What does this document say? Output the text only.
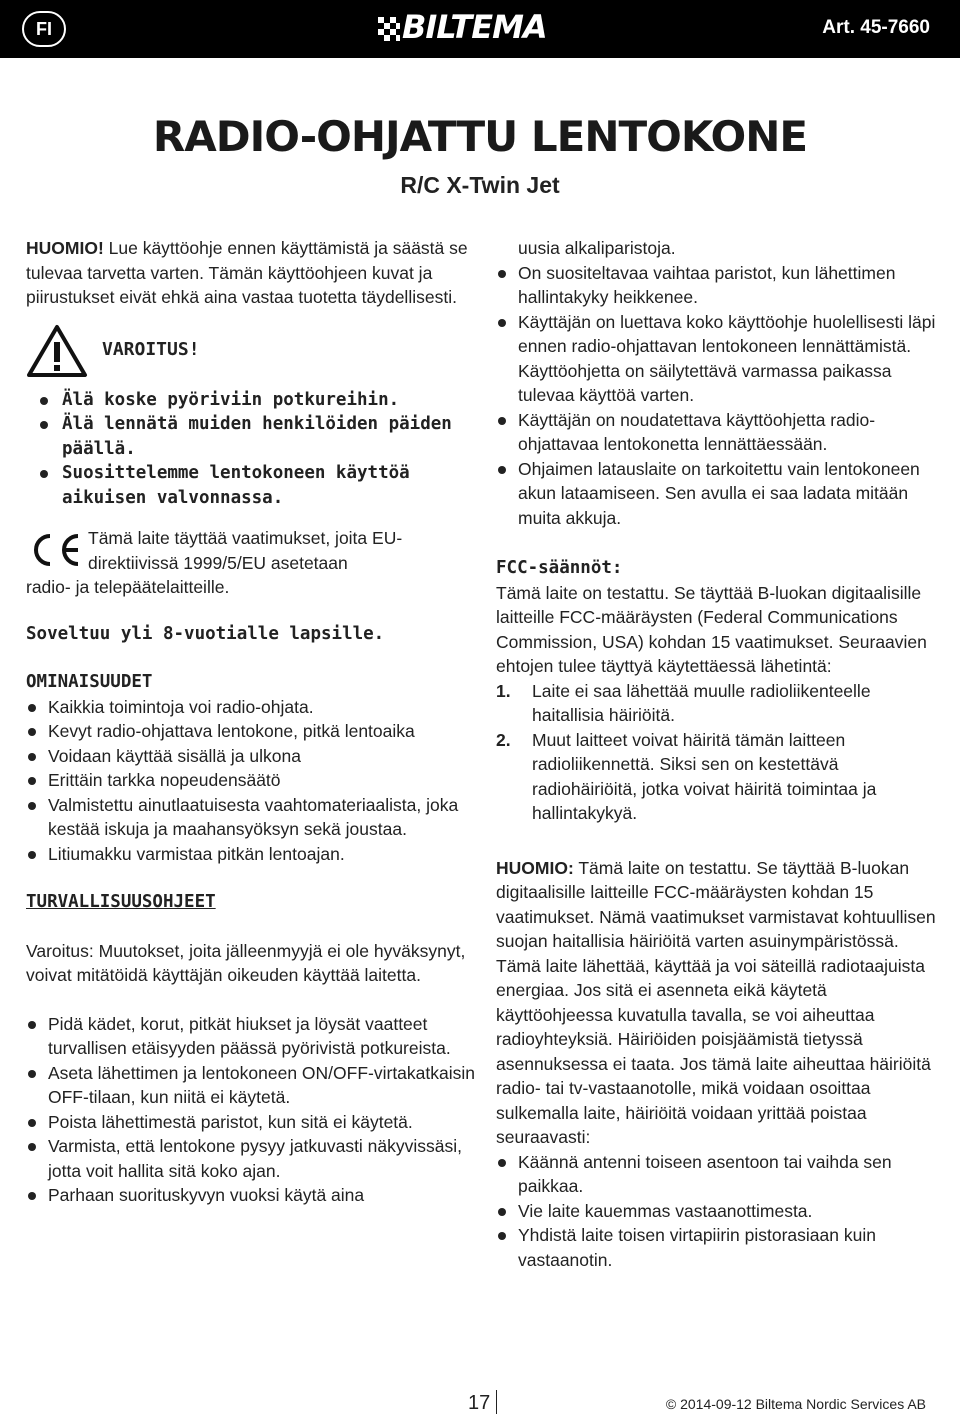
FI	BILTEMA	Art. 45-7660
RADIO-OHJATTU LENTOKONE
R/C X-Twin Jet

HUOMIO! Lue käyttöohje ennen käyttämistä ja säästä se tulevaa tarvetta varten. Tämän käyttöohjeen kuvat ja piirustukset eivät ehkä aina vastaa tuotetta täydellisesti.

VAROITUS!
Älä koske pyöriviin potkureihin.
Älä lennätä muiden henkilöiden päiden päällä.
Suosittelemme lentokoneen käyttöä aikuisen valvonnassa.

Tämä laite täyttää vaatimukset, joita EU-direktiivissä 1999/5/EU asetetaan

radio- ja telepäätelaitteille.

Soveltuu yli 8-vuotialle lapsille.

OMINAISUUDET

Kaikkia toimintoja voi radio-ohjata.
Kevyt radio-ohjattava lentokone, pitkä lentoaika
Voidaan käyttää sisällä ja ulkona
Erittäin tarkka nopeudensäätö
Valmistettu ainutlaatuisesta vaahtomateriaalista, joka kestää iskuja ja maahansyöksyn sekä joustaa.
Litiumakku varmistaa pitkän lentoajan.

TURVALLISUUSOHJEET

Varoitus: Muutokset, joita jälleenmyyjä ei ole hyväksynyt, voivat mitätöidä käyttäjän oikeuden käyttää laitetta.

Pidä kädet, korut, pitkät hiukset ja löysät vaatteet turvallisen etäisyyden päässä pyörivistä potkureista.
Aseta lähettimen ja lentokoneen ON/OFF-virtakatkaisin OFF-tilaan, kun niitä ei käytetä.
Poista lähettimestä paristot, kun sitä ei käytetä.
Varmista, että lentokone pysyy jatkuvasti näkyvissäsi, jotta voit hallita sitä koko ajan.
Parhaan suorituskyvyn vuoksi käytä aina

uusia alkaliparistoja.

On suositeltavaa vaihtaa paristot, kun lähettimen hallintakyky heikkenee.
Käyttäjän on luettava koko käyttöohje huolellisesti läpi ennen radio-ohjattavan lentokoneen lennättämistä. Käyttöohjetta on säilytettävä varmassa paikassa tulevaa käyttöä varten.
Käyttäjän on noudatettava käyttöohjetta radio-ohjattavaa lentokonetta lennättäessään.
Ohjaimen latauslaite on tarkoitettu vain lentokoneen akun lataamiseen. Sen avulla ei saa ladata mitään muita akkuja.

FCC-säännöt:

Tämä laite on testattu. Se täyttää B-luokan digitaalisille laitteille FCC-määräysten (Federal Communications Commission, USA) kohdan 15 vaatimukset. Seuraavien ehtojen tulee täyttyä käytettäessä lähetintä:

1. Laite ei saa lähettää muulle radioliikenteelle haitallisia häiriöitä.
2. Muut laitteet voivat häiritä tämän laitteen radioliikennettä. Siksi sen on kestettävä radiohäiriöitä, jotka voivat häiritä toimintaa ja hallintakykyä.

HUOMIO: Tämä laite on testattu. Se täyttää B-luokan digitaalisille laitteille FCC-määräysten kohdan 15 vaatimukset. Nämä vaatimukset varmistavat kohtuullisen suojan haitallisia häiriöitä varten asuinympäristössä. Tämä laite lähettää, käyttää ja voi säteillä radiotaajuista energiaa. Jos sitä ei asenneta eikä käytetä käyttöohjeessa kuvatulla tavalla, se voi aiheuttaa radioyhteyksiä. Häiriöiden poisjäämistä tietyssä asennuksessa ei taata. Jos tämä laite aiheuttaa häiriöitä radio- tai tv-vastaanotolle, mikä voidaan osoittaa sulkemalla laite, häiriöitä voidaan yrittää poistaa seuraavasti:

Käännä antenni toiseen asentoon tai vaihda sen paikkaa.
Vie laite kauemmas vastaanottimesta.
Yhdistä laite toisen virtapiirin pistorasiaan kuin vastaanotin.
17	© 2014-09-12 Biltema Nordic Services AB
